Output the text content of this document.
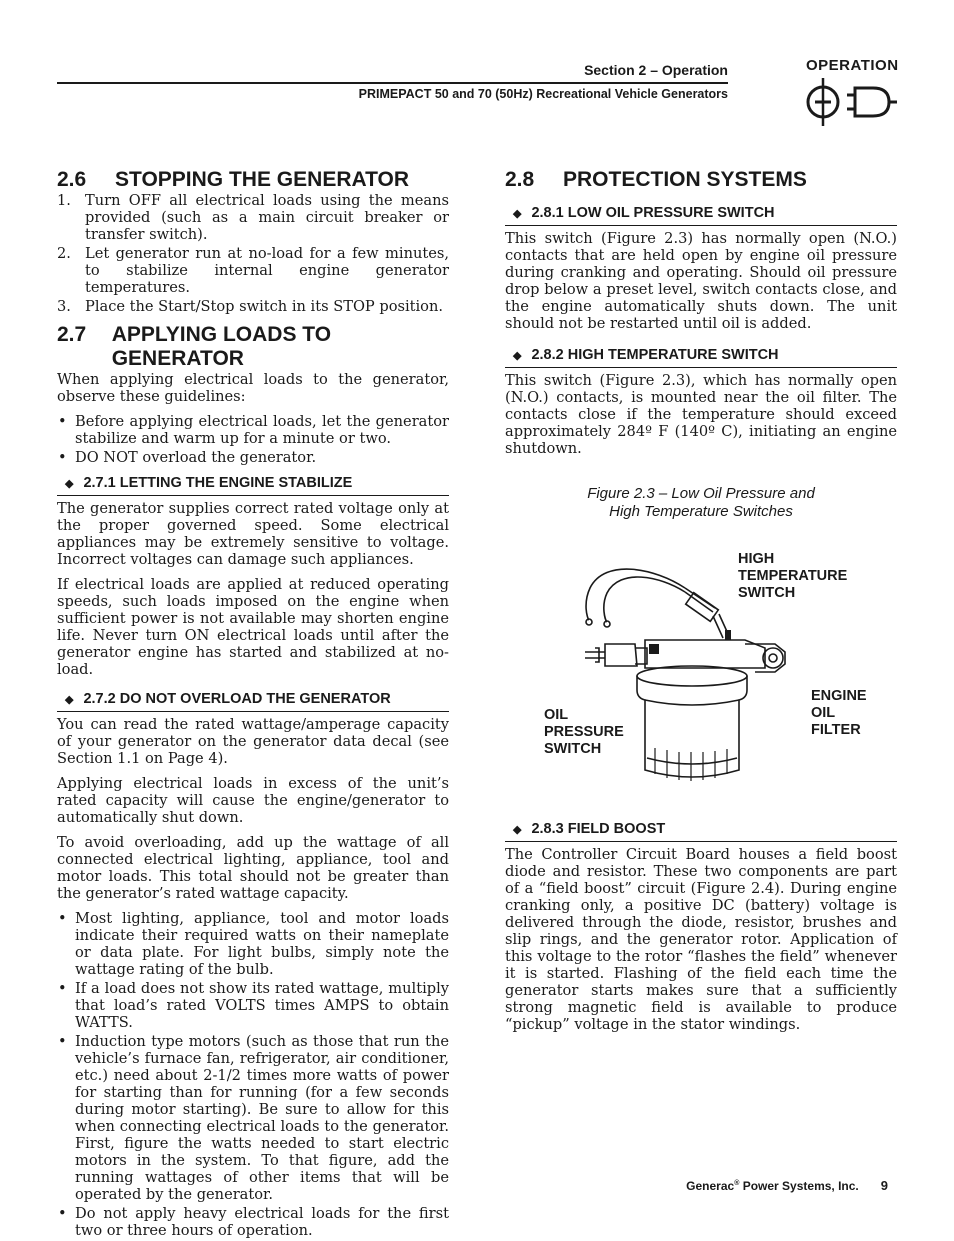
Section 2 – Operation
PRIMEPACT 50 and 70 (50Hz) Recreational Vehicle Generators
OPERATION
2.6	STOPPING THE GENERATOR
1. Turn OFF all electrical loads using the means provided (such as a main circuit breaker or transfer switch).
2. Let generator run at no-load for a few minutes, to stabilize internal engine generator temperatures.
3. Place the Start/Stop switch in its STOP position.
2.7	APPLYING LOADS TO GENERATOR

When applying electrical loads to the generator, observe these guidelines:

• Before applying electrical loads, let the generator stabilize and warm up for a minute or two.
• DO NOT overload the generator.
◆ 2.7.1 LETTING THE ENGINE STABILIZE

The generator supplies correct rated voltage only at the proper governed speed. Some electrical appliances may be extremely sensitive to voltage. Incorrect voltages can damage such appliances.

If electrical loads are applied at reduced operating speeds, such loads imposed on the engine when sufficient power is not available may shorten engine life. Never turn ON electrical loads until after the generator engine has started and stabilized at no-load.

◆ 2.7.2 DO NOT OVERLOAD THE GENERATOR

You can read the rated wattage/amperage capacity of your generator on the generator data decal (see Section 1.1 on Page 4).

Applying electrical loads in excess of the unit’s rated capacity will cause the engine/generator to automatically shut down.

To avoid overloading, add up the wattage of all connected electrical lighting, appliance, tool and motor loads. This total should not be greater than the generator’s rated wattage capacity.

• Most lighting, appliance, tool and motor loads indicate their required watts on their nameplate or data plate. For light bulbs, simply note the wattage rating of the bulb.
• If a load does not show its rated wattage, multiply that load’s rated VOLTS times AMPS to obtain WATTS.
• Induction type motors (such as those that run the vehicle’s furnace fan, refrigerator, air conditioner, etc.) need about 2-1/2 times more watts of power for starting than for running (for a few seconds during motor starting). Be sure to allow for this when connecting electrical loads to the generator. First, figure the watts needed to start electric motors in the system. To that figure, add the running wattages of other items that will be operated by the generator.
• Do not apply heavy electrical loads for the first two or three hours of operation.
2.8	PROTECTION SYSTEMS
◆ 2.8.1 LOW OIL PRESSURE SWITCH

This switch (Figure 2.3) has normally open (N.O.) contacts that are held open by engine oil pressure during cranking and operating. Should oil pressure drop below a preset level, switch contacts close, and the engine automatically shuts down. The unit should not be restarted until oil is added.

◆ 2.8.2 HIGH TEMPERATURE SWITCH

This switch (Figure 2.3), which has normally open (N.O.) contacts, is mounted near the oil filter. The contacts close if the temperature should exceed approximately 284º F (140º C), initiating an engine shutdown.

Figure 2.3 – Low Oil Pressure and
High Temperature Switches
HIGH
TEMPERATURE
SWITCH
ENGINE
OIL
FILTER
OIL
PRESSURE
SWITCH
◆ 2.8.3 FIELD BOOST

The Controller Circuit Board houses a field boost diode and resistor. These two components are part of a “field boost” circuit (Figure 2.4). During engine cranking only, a positive DC (battery) voltage is delivered through the diode, resistor, brushes and slip rings, and the generator rotor. Application of this voltage to the rotor “flashes the field” whenever it is started. Flashing of the field each time the generator starts makes sure that a sufficiently strong magnetic field is available to produce “pickup” voltage in the stator windings.

Generac® Power Systems, Inc. 9
